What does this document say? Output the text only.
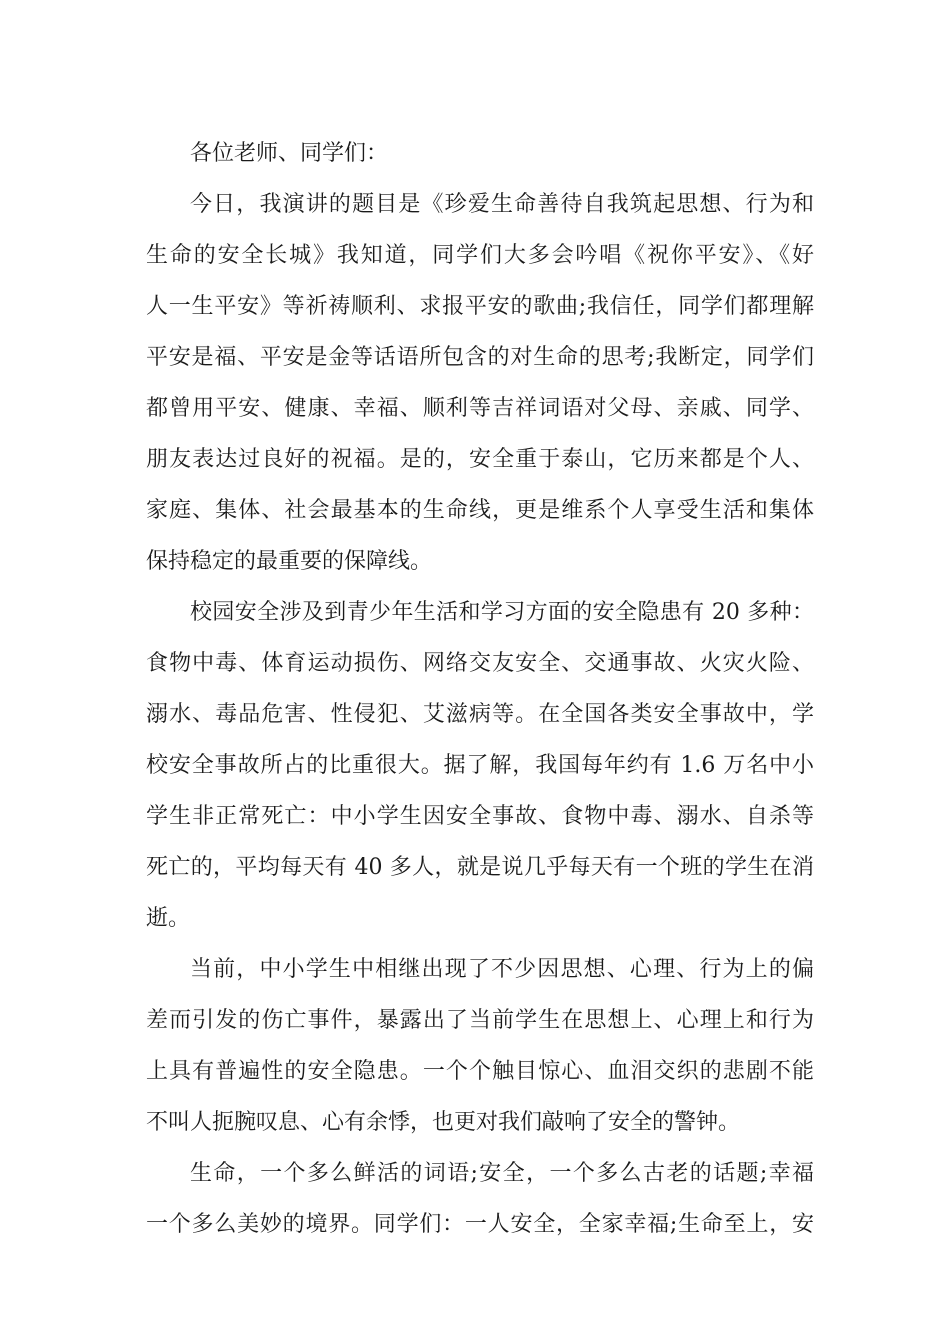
各位老师、同学们：
今日，我演讲的题目是《珍爱生命善待自我筑起思想、行为和
生命的安全长城》我知道，同学们大多会吟唱《祝你平安》、《好
人一生平安》等祈祷顺利、求报平安的歌曲;我信任，同学们都理解
平安是福、平安是金等话语所包含的对生命的思考;我断定，同学们
都曾用平安、健康、幸福、顺利等吉祥词语对父母、亲戚、同学、
朋友表达过良好的祝福。是的，安全重于泰山，它历来都是个人、
家庭、集体、社会最基本的生命线，更是维系个人享受生活和集体
保持稳定的最重要的保障线。
校园安全涉及到青少年生活和学习方面的安全隐患有 20 多种：
食物中毒、体育运动损伤、网络交友安全、交通事故、火灾火险、
溺水、毒品危害、性侵犯、艾滋病等。在全国各类安全事故中，学
校安全事故所占的比重很大。据了解，我国每年约有 1.6 万名中小
学生非正常死亡：中小学生因安全事故、食物中毒、溺水、自杀等
死亡的，平均每天有 40 多人，就是说几乎每天有一个班的学生在消
逝。
当前，中小学生中相继出现了不少因思想、心理、行为上的偏
差而引发的伤亡事件，暴露出了当前学生在思想上、心理上和行为
上具有普遍性的安全隐患。一个个触目惊心、血泪交织的悲剧不能
不叫人扼腕叹息、心有余悸，也更对我们敲响了安全的警钟。
生命，一个多么鲜活的词语;安全，一个多么古老的话题;幸福
一个多么美妙的境界。同学们：一人安全，全家幸福;生命至上，安
